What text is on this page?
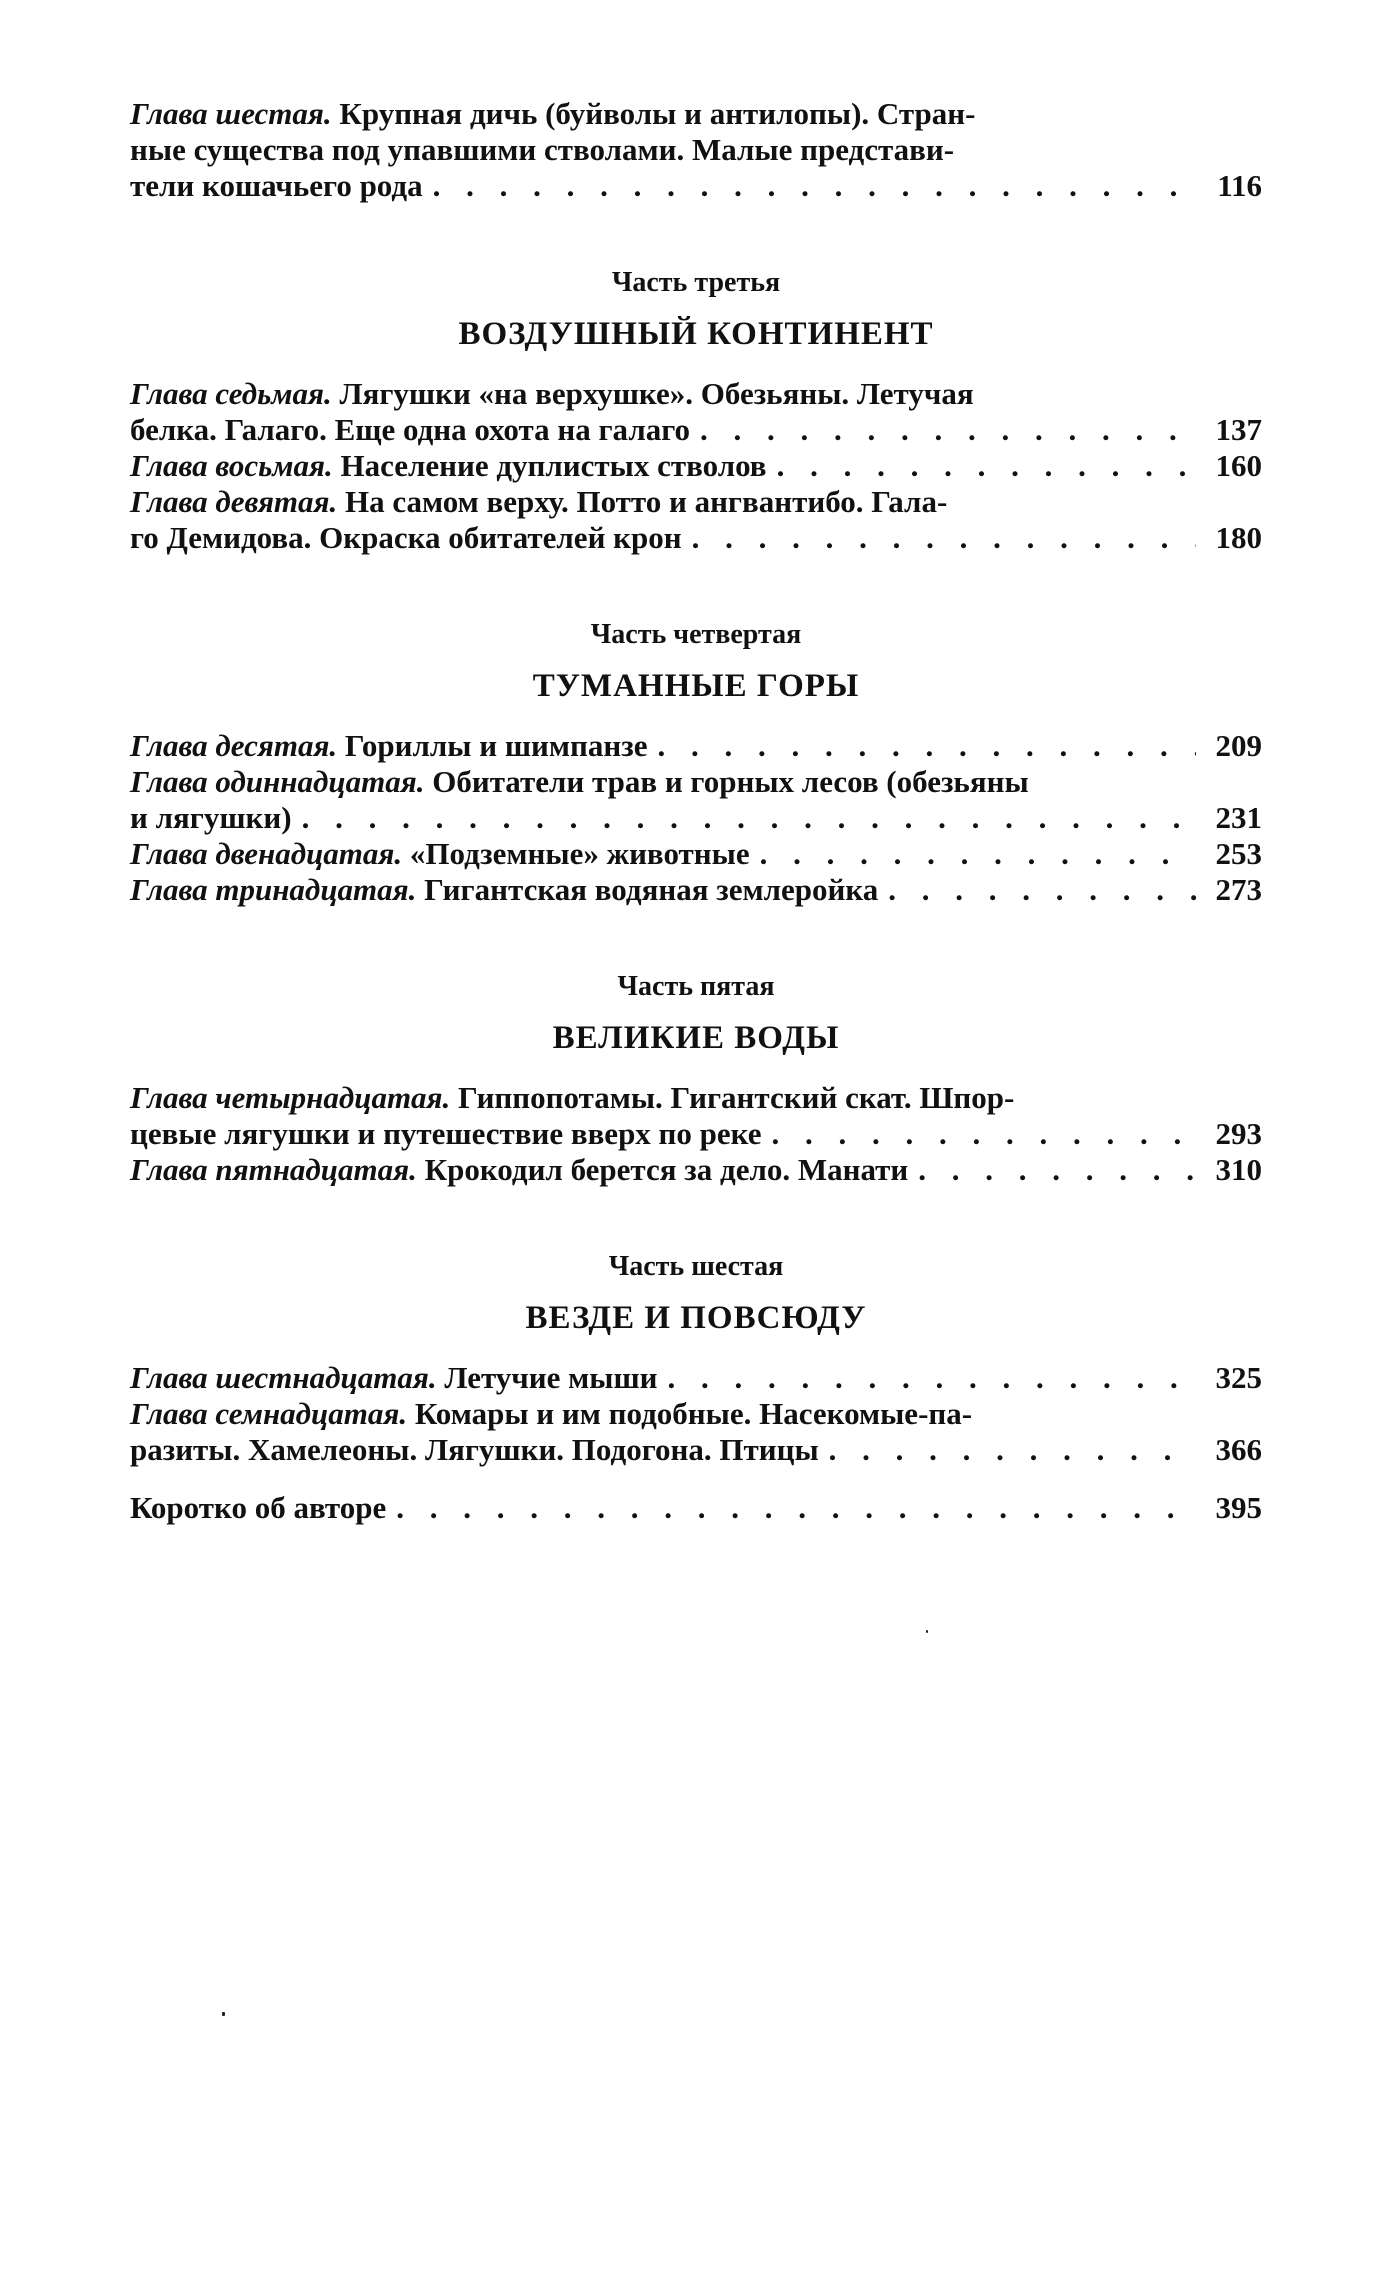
Глава шестая. Крупная дичь (буйволы и антилопы). Стран-
ные существа под упавшими стволами. Малые представи-
тели кошачьего рода . . .	116
Часть третья
ВОЗДУШНЫЙ КОНТИНЕНТ
Глава седьмая. Лягушки «на верхушке». Обезьяны. Летучая
белка. Галаго. Еще одна охота на галаго . . .	137
Глава восьмая. Население дуплистых стволов . . .	160
Глава девятая. На самом верху. Потто и ангвантибо. Гала-
го Демидова. Окраска обитателей крон . . .	180
Часть четвертая
ТУМАННЫЕ ГОРЫ
Глава десятая. Гориллы и шимпанзе . . .	209
Глава одиннадцатая. Обитатели трав и горных лесов (обезьяны
и лягушки) . . .	231
Глава двенадцатая. «Подземные» животные . . .	253
Глава тринадцатая. Гигантская водяная землеройка . . .	273
Часть пятая
ВЕЛИКИЕ ВОДЫ
Глава четырнадцатая. Гиппопотамы. Гигантский скат. Шпор-
цевые лягушки и путешествие вверх по реке . . .	293
Глава пятнадцатая. Крокодил берется за дело. Манати . . .	310
Часть шестая
ВЕЗДЕ И ПОВСЮДУ
Глава шестнадцатая. Летучие мыши . . .	325
Глава семнадцатая. Комары и им подобные. Насекомые-па-
разиты. Хамелеоны. Лягушки. Подогона. Птицы . . .	366
Коротко об авторе . . .	395
